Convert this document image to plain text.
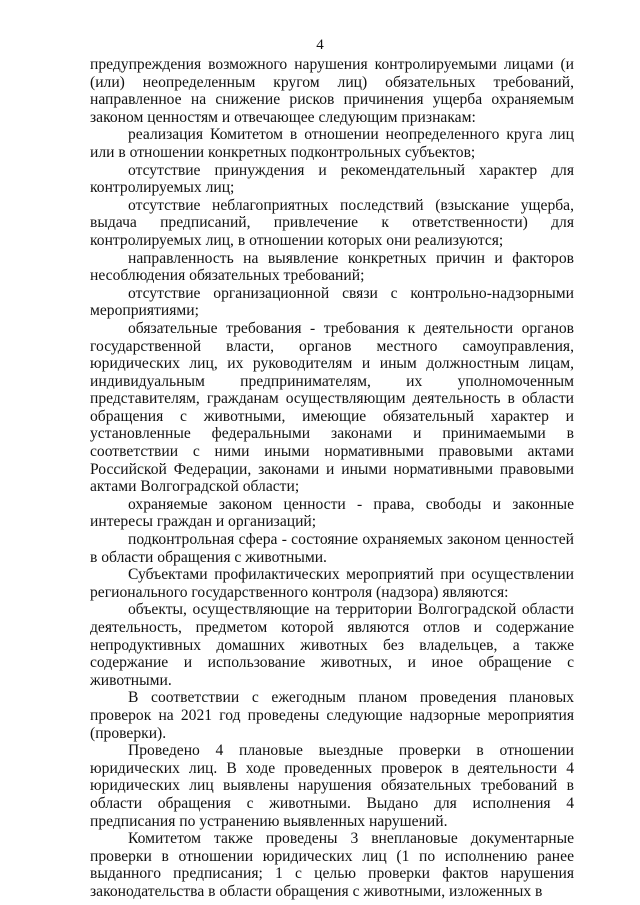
4

предупреждения возможного нарушения контролируемыми лицами (и (или) неопределенным кругом лиц) обязательных требований, направленное на снижение рисков причинения ущерба охраняемым законом ценностям и отвечающее следующим признакам:

реализация Комитетом в отношении неопределенного круга лиц или в отношении конкретных подконтрольных субъектов;

отсутствие принуждения и рекомендательный характер для контролируемых лиц;

отсутствие неблагоприятных последствий (взыскание ущерба, выдача предписаний, привлечение к ответственности) для контролируемых лиц, в отношении которых они реализуются;

направленность на выявление конкретных причин и факторов несоблюдения обязательных требований;

отсутствие организационной связи с контрольно-надзорными мероприятиями;

обязательные требования - требования к деятельности органов государственной власти, органов местного самоуправления, юридических лиц, их руководителям и иным должностным лицам, индивидуальным предпринимателям, их уполномоченным представителям, гражданам осуществляющим деятельность в области обращения с животными, имеющие обязательный характер и установленные федеральными законами и принимаемыми в соответствии с ними иными нормативными правовыми актами Российской Федерации, законами и иными нормативными правовыми актами Волгоградской области;

охраняемые законом ценности - права, свободы и законные интересы граждан и организаций;

подконтрольная сфера - состояние охраняемых законом ценностей в области обращения с животными.

Субъектами профилактических мероприятий при осуществлении регионального государственного контроля (надзора) являются:

объекты, осуществляющие на территории Волгоградской области деятельность, предметом которой являются отлов и содержание непродуктивных домашних животных без владельцев, а также содержание и использование животных, и иное обращение с животными.

В соответствии с ежегодным планом проведения плановых проверок на 2021 год проведены следующие надзорные мероприятия (проверки).

Проведено 4 плановые выездные проверки в отношении юридических лиц. В ходе проведенных проверок в деятельности 4 юридических лиц выявлены нарушения обязательных требований в области обращения с животными. Выдано для исполнения 4 предписания по устранению выявленных нарушений.

Комитетом также проведены 3 внеплановые документарные проверки в отношении юридических лиц (1 по исполнению ранее выданного предписания; 1 с целью проверки фактов нарушения законодательства в области обращения с животными, изложенных в
